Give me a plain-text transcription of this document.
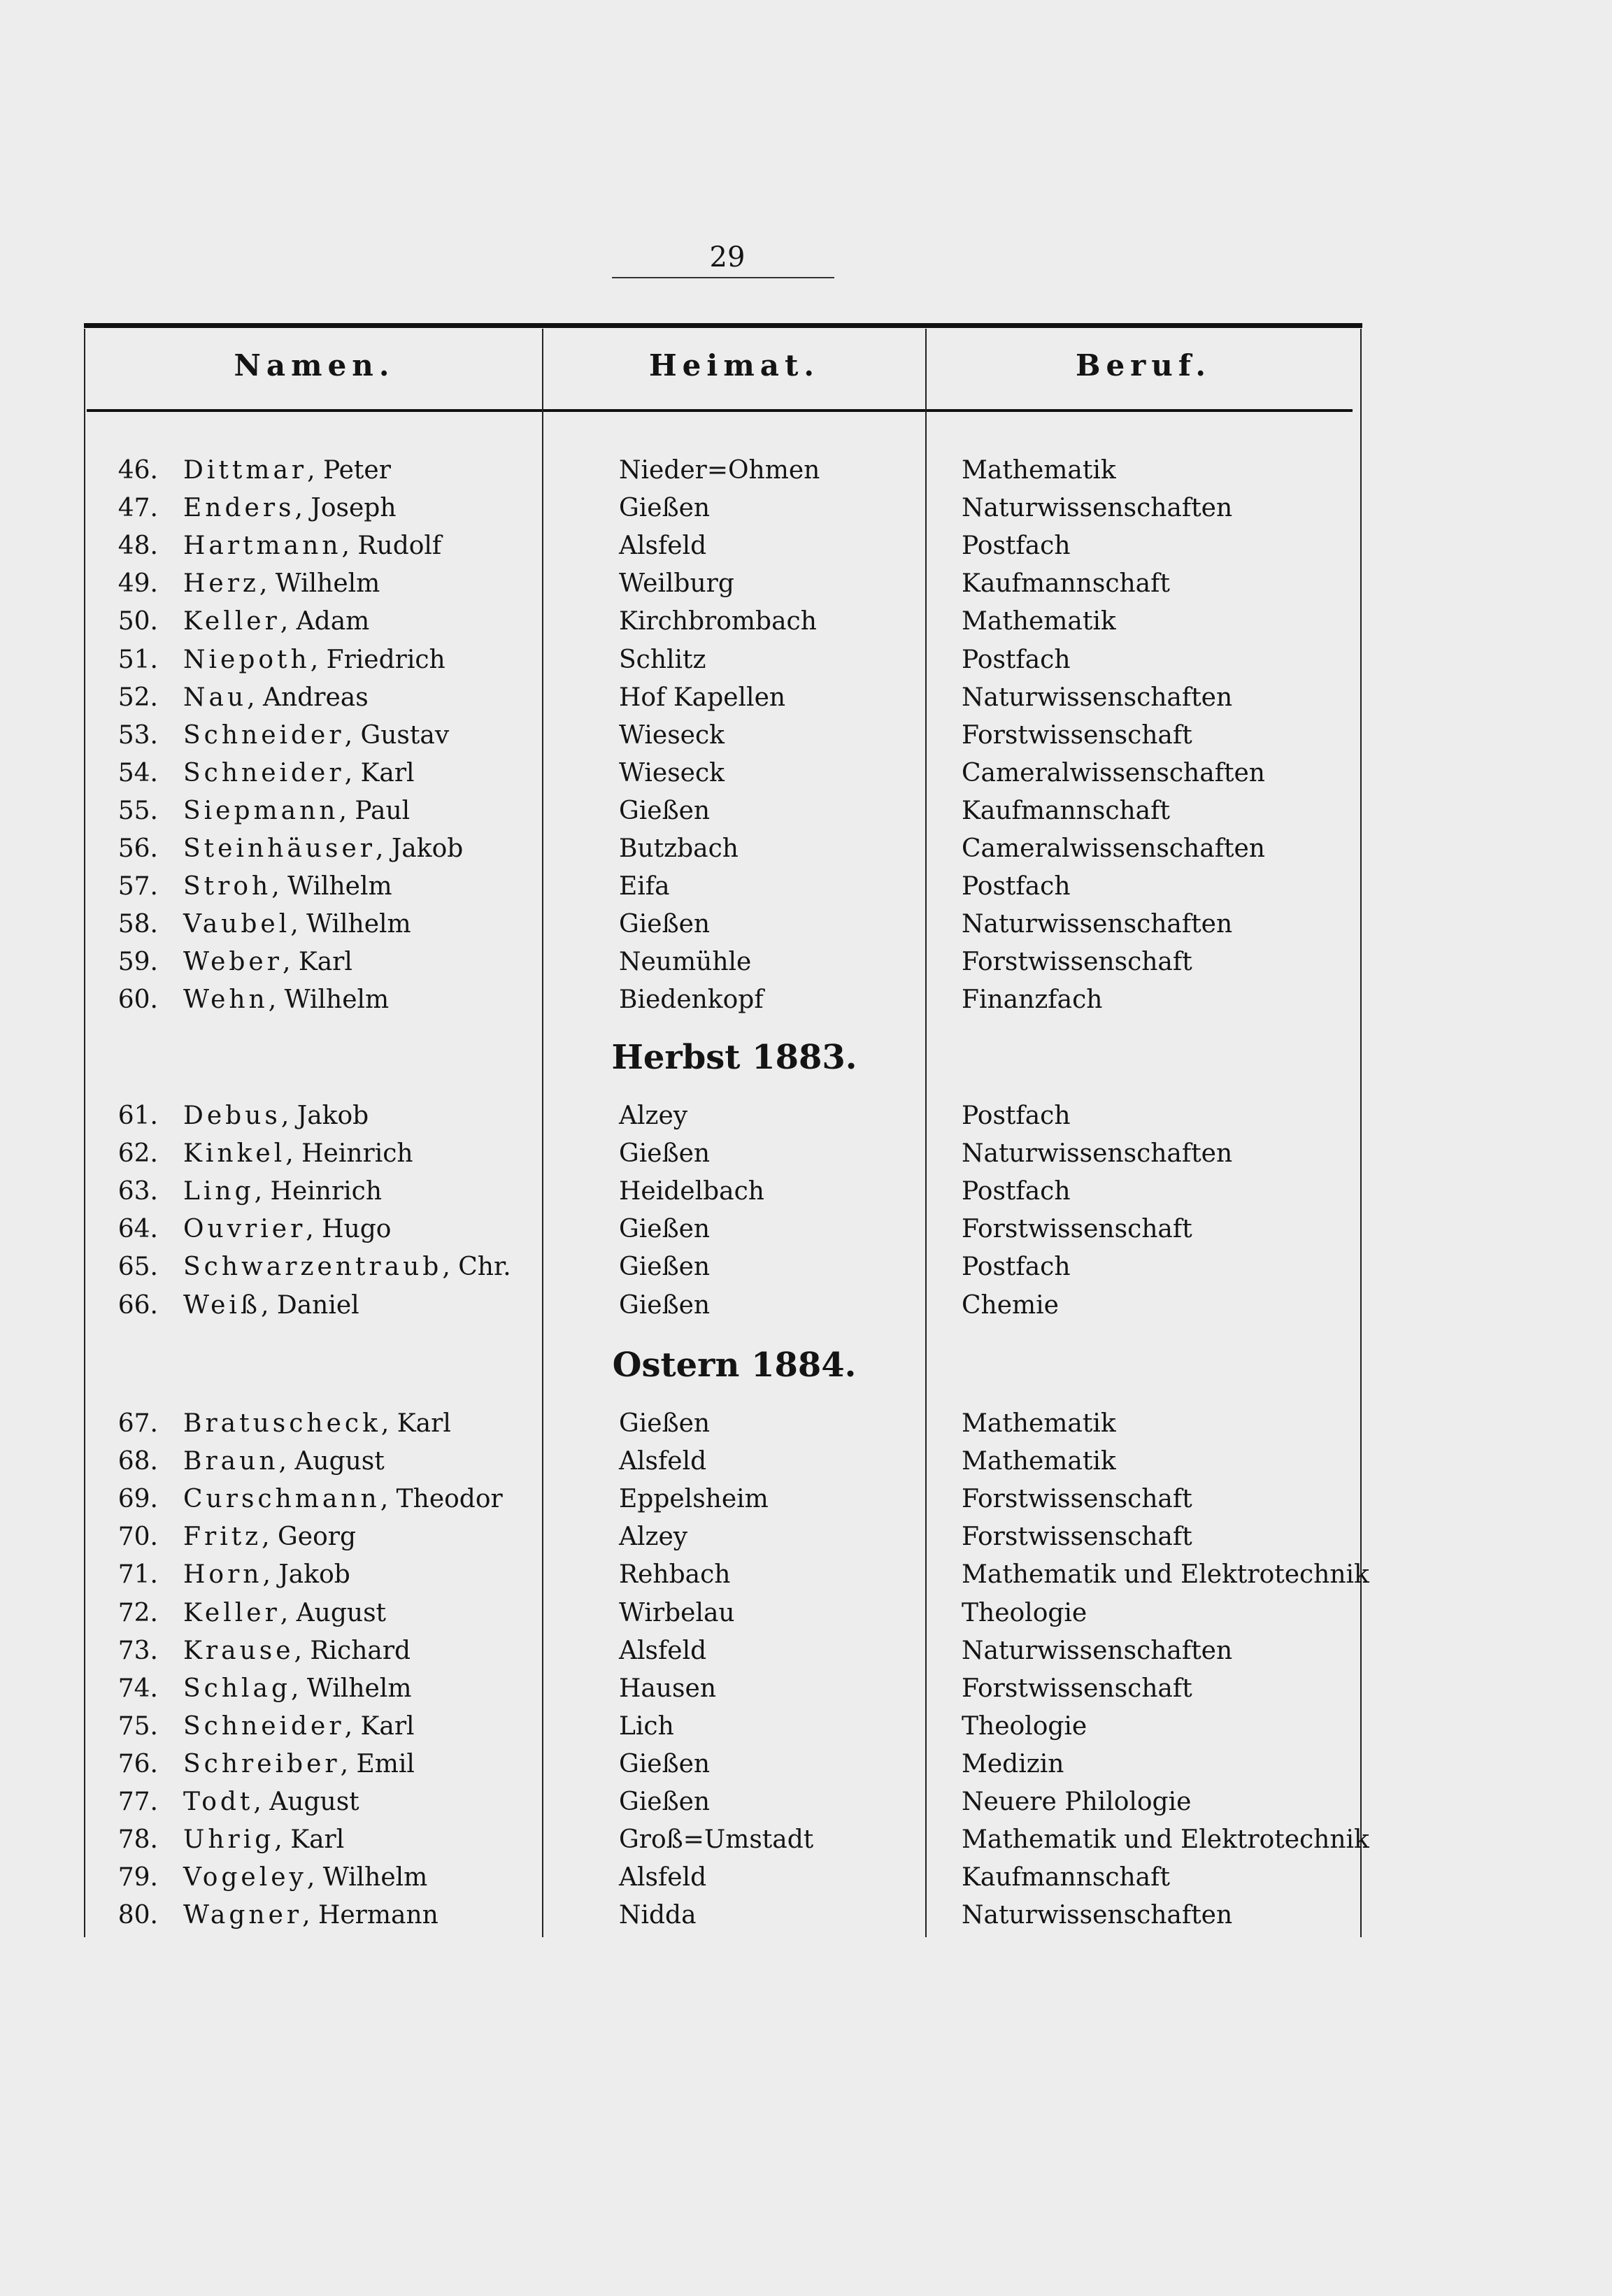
29
Namen.	Heimat.	Beruf.
46. Dittmar, Peter	Nieder=Ohmen	Mathematik
47. Enders, Joseph	Gießen	Naturwissenschaften
48. Hartmann, Rudolf	Alsfeld	Postfach
49. Herz, Wilhelm	Weilburg	Kaufmannschaft
50. Keller, Adam	Kirchbrombach	Mathematik
51. Niepoth, Friedrich	Schlitz	Postfach
52. Nau, Andreas	Hof Kapellen	Naturwissenschaften
53. Schneider, Gustav	Wieseck	Forstwissenschaft
54. Schneider, Karl	Wieseck	Cameralwissenschaften
55. Siepmann, Paul	Gießen	Kaufmannschaft
56. Steinhäuser, Jakob	Butzbach	Cameralwissenschaften
57. Stroh, Wilhelm	Eifa	Postfach
58. Vaubel, Wilhelm	Gießen	Naturwissenschaften
59. Weber, Karl	Neumühle	Forstwissenschaft
60. Wehn, Wilhelm	Biedenkopf	Finanzfach
Herbst 1883.
61. Debus, Jakob	Alzey	Postfach
62. Kinkel, Heinrich	Gießen	Naturwissenschaften
63. Ling, Heinrich	Heidelbach	Postfach
64. Ouvrier, Hugo	Gießen	Forstwissenschaft
65. Schwarzentraub, Chr.	Gießen	Postfach
66. Weiß, Daniel	Gießen	Chemie
Ostern 1884.
67. Bratuscheck, Karl	Gießen	Mathematik
68. Braun, August	Alsfeld	Mathematik
69. Curschmann, Theodor	Eppelsheim	Forstwissenschaft
70. Fritz, Georg	Alzey	Forstwissenschaft
71. Horn, Jakob	Rehbach	Mathematik und Elektrotechnik
72. Keller, August	Wirbelau	Theologie
73. Krause, Richard	Alsfeld	Naturwissenschaften
74. Schlag, Wilhelm	Hausen	Forstwissenschaft
75. Schneider, Karl	Lich	Theologie
76. Schreiber, Emil	Gießen	Medizin
77. Todt, August	Gießen	Neuere Philologie
78. Uhrig, Karl	Groß=Umstadt	Mathematik und Elektrotechnik
79. Vogeley, Wilhelm	Alsfeld	Kaufmannschaft
80. Wagner, Hermann	Nidda	Naturwissenschaften
